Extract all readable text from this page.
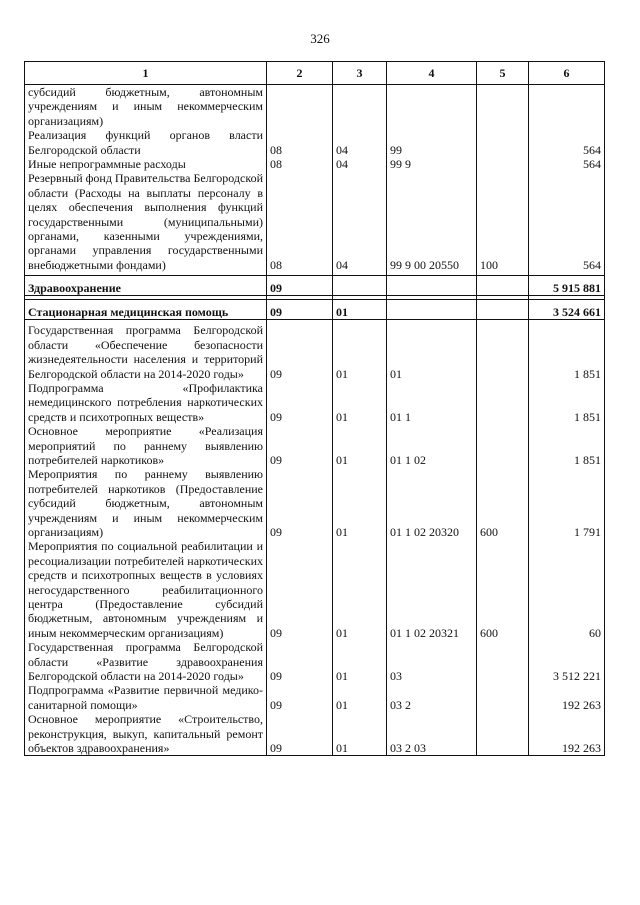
326
1	2	3	4	5	6
субсидий бюджетным, автономным учреждениям и иным некоммерческим организациям)					
Реализация функций органов власти Белгородской области	08	04	99		564
Иные непрограммные расходы	08	04	99 9		564
Резервный фонд Правительства Белгородской области (Расходы на выплаты персоналу в целях обеспечения выполнения функций государственными (муниципальными) органами, казенными учреждениями, органами управления государственными внебюджетными фондами)	08	04	99 9 00 20550	100	564

Здравоохранение	09				5 915 881

Стационарная медицинская помощь	09	01			3 524 661

Государственная программа Белгородской области «Обеспечение безопасности жизнедеятельности населения и территорий Белгородской области на 2014-2020 годы»	09	01	01		1 851
Подпрограмма «Профилактика немедицинского потребления наркотических средств и психотропных веществ»	09	01	01 1		1 851
Основное мероприятие «Реализация мероприятий по раннему выявлению потребителей наркотиков»	09	01	01 1 02		1 851
Мероприятия по раннему выявлению потребителей наркотиков (Предоставление субсидий бюджетным, автономным учреждениям и иным некоммерческим организациям)	09	01	01 1 02 20320	600	1 791
Мероприятия по социальной реабилитации и ресоциализации потребителей наркотических средств и психотропных веществ в условиях негосударственного реабилитационного центра (Предоставление субсидий бюджетным, автономным учреждениям и иным некоммерческим организациям)	09	01	01 1 02 20321	600	60
Государственная программа Белгородской области «Развитие здравоохранения Белгородской области на 2014-2020 годы»	09	01	03		3 512 221
Подпрограмма «Развитие первичной медико-санитарной помощи»	09	01	03 2		192 263
Основное мероприятие «Строительство, реконструкция, выкуп, капитальный ремонт объектов здравоохранения»	09	01	03 2 03		192 263
